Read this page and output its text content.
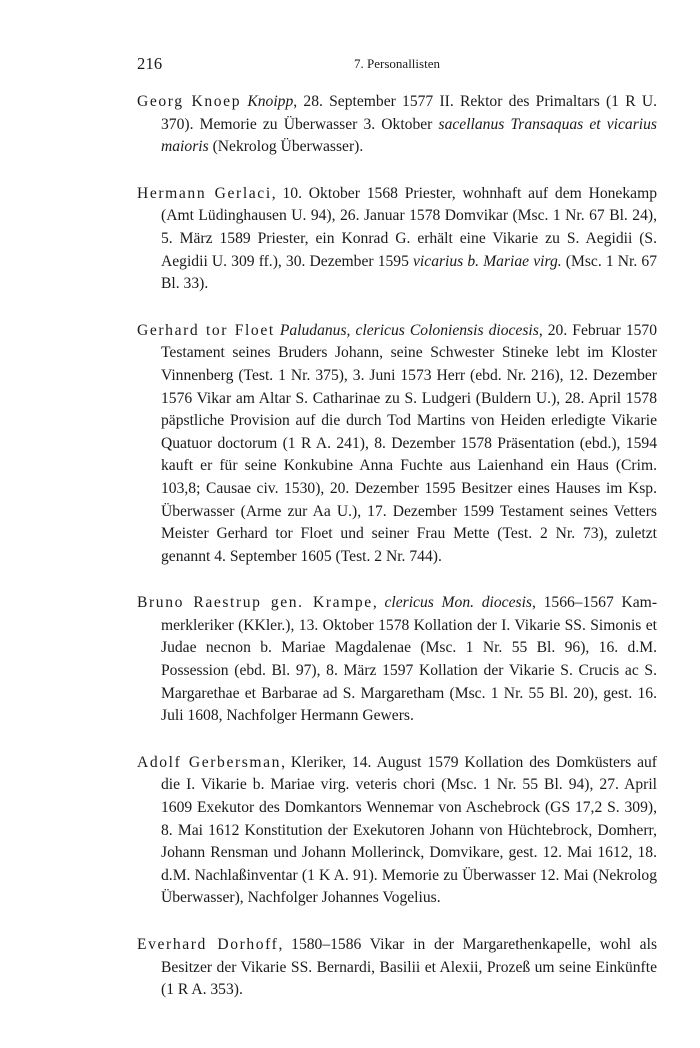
216	7. Personallisten

Georg Knoep Knoipp, 28. September 1577 II. Rektor des Primaltars (1 R U. 370). Memorie zu Überwasser 3. Oktober sacellanus Transaquas et vicarius maioris (Nekrolog Überwasser).

Hermann Gerlaci, 10. Oktober 1568 Priester, wohnhaft auf dem Honekamp (Amt Lüdinghausen U. 94), 26. Januar 1578 Domvikar (Msc. 1 Nr. 67 Bl. 24), 5. März 1589 Priester, ein Konrad G. erhält eine Vikarie zu S. Aegidii (S. Aegidii U. 309 ff.), 30. Dezember 1595 vicarius b. Mariae virg. (Msc. 1 Nr. 67 Bl. 33).

Gerhard tor Floet Paludanus, clericus Coloniensis diocesis, 20. Februar 1570 Testament seines Bruders Johann, seine Schwester Stineke lebt im Kloster Vinnenberg (Test. 1 Nr. 375), 3. Juni 1573 Herr (ebd. Nr. 216), 12. Dezember 1576 Vikar am Altar S. Catharinae zu S. Ludgeri (Buldern U.), 28. April 1578 päpstliche Provision auf die durch Tod Martins von Heiden erledigte Vikarie Quatuor doctorum (1 R A. 241), 8. Dezember 1578 Präsentation (ebd.), 1594 kauft er für seine Konkubine Anna Fuchte aus Laienhand ein Haus (Crim. 103,8; Causae civ. 1530), 20. Dezember 1595 Besitzer eines Hauses im Ksp. Überwasser (Arme zur Aa U.), 17. Dezember 1599 Testament seines Vetters Meister Gerhard tor Floet und seiner Frau Mette (Test. 2 Nr. 73), zuletzt genannt 4. September 1605 (Test. 2 Nr. 744).

Bruno Raestrup gen. Krampe, clericus Mon. diocesis, 1566–1567 Kammerkleriker (KKler.), 13. Oktober 1578 Kollation der I. Vikarie SS. Simonis et Judae necnon b. Mariae Magdalenae (Msc. 1 Nr. 55 Bl. 96), 16. d.M. Possession (ebd. Bl. 97), 8. März 1597 Kollation der Vikarie S. Crucis ac S. Margarethae et Barbarae ad S. Margaretham (Msc. 1 Nr. 55 Bl. 20), gest. 16. Juli 1608, Nachfolger Hermann Gewers.

Adolf Gerbersman, Kleriker, 14. August 1579 Kollation des Domküsters auf die I. Vikarie b. Mariae virg. veteris chori (Msc. 1 Nr. 55 Bl. 94), 27. April 1609 Exekutor des Domkantors Wennemar von Aschebrock (GS 17,2 S. 309), 8. Mai 1612 Konstitution der Exekutoren Johann von Hüchtebrock, Domherr, Johann Rensman und Johann Mollerinck, Domvikare, gest. 12. Mai 1612, 18. d.M. Nachlaßinventar (1 K A. 91). Memorie zu Überwasser 12. Mai (Nekrolog Überwasser), Nachfolger Johannes Vogelius.

Everhard Dorhoff, 1580–1586 Vikar in der Margarethenkapelle, wohl als Besitzer der Vikarie SS. Bernardi, Basilii et Alexii, Prozeß um seine Einkünfte (1 R A. 353).
